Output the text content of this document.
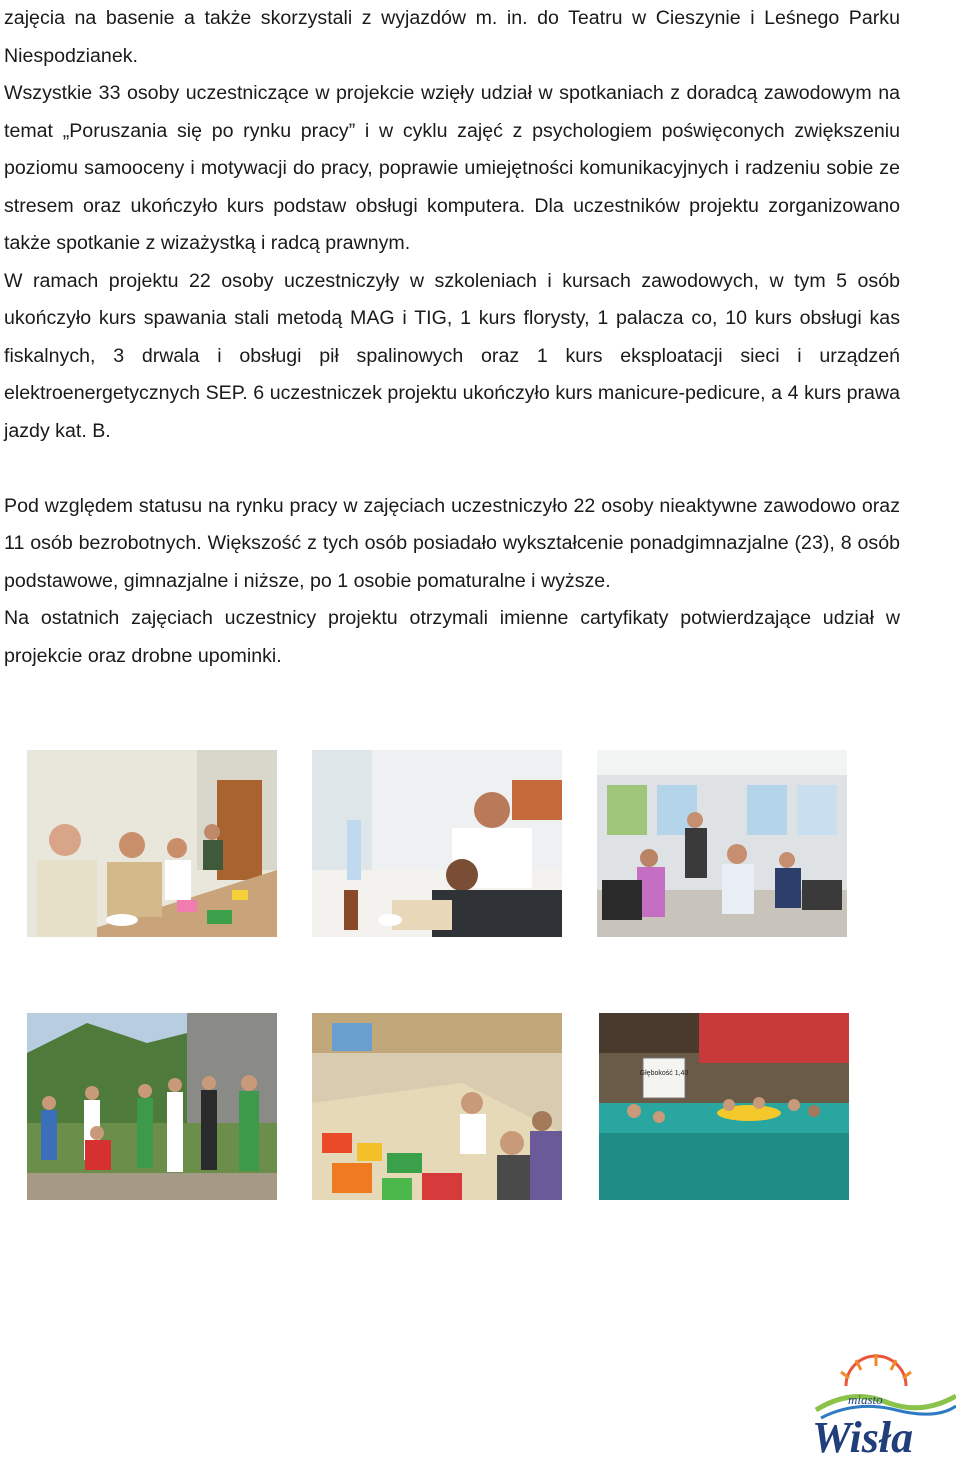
zajęcia na basenie a także skorzystali z wyjazdów m. in. do Teatru w Cieszynie i Leśnego Parku Niespodzianek.

Wszystkie 33 osoby uczestniczące w projekcie wzięły udział w spotkaniach z doradcą zawodowym na temat „Poruszania się po rynku pracy” i w cyklu zajęć z psychologiem poświęconych zwiększeniu poziomu samooceny i motywacji do pracy, poprawie umiejętności komunikacyjnych i radzeniu sobie ze stresem oraz ukończyło kurs podstaw obsługi komputera. Dla uczestników projektu zorganizowano także spotkanie z wizażystką i radcą prawnym.

W ramach projektu 22 osoby uczestniczyły w szkoleniach i kursach zawodowych, w tym 5 osób ukończyło kurs spawania stali metodą MAG i TIG, 1 kurs florysty, 1 palacza co, 10 kurs obsługi kas fiskalnych, 3 drwala i obsługi pił spalinowych oraz 1 kurs eksploatacji sieci i urządzeń elektroenergetycznych SEP. 6 uczestniczek projektu ukończyło kurs manicure-pedicure, a 4 kurs prawa jazdy kat. B.

Pod względem statusu na rynku pracy w zajęciach uczestniczyło 22 osoby nieaktywne zawodowo oraz 11 osób bezrobotnych. Większość z tych osób posiadało wykształcenie ponadgimnazjalne (23), 8 osób podstawowe, gimnazjalne i niższe, po 1 osobie pomaturalne i wyższe.

Na ostatnich zajęciach uczestnicy projektu otrzymali imienne cartyfikaty potwierdzające udział w projekcie oraz drobne upominki.

Głębokość 1,40
miasto
Wisła
